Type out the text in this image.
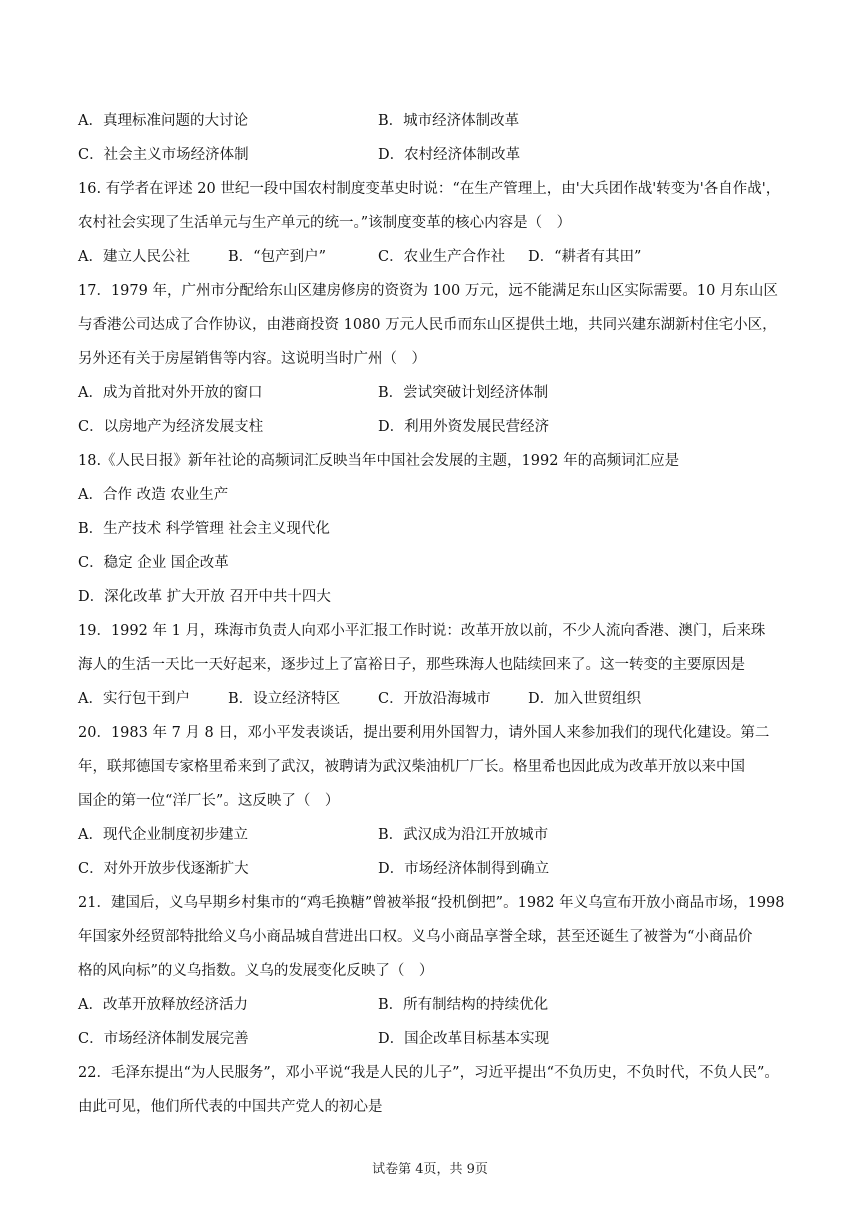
A．真理标准问题的大讨论	B．城市经济体制改革
C．社会主义市场经济体制	D．农村经济体制改革
16. 有学者在评述 20 世纪一段中国农村制度变革史时说：“在生产管理上，由'大兵团作战'转变为'各自作战'，
农村社会实现了生活单元与生产单元的统一。”该制度变革的核心内容是（　）
A．建立人民公社	B．“包产到户”	C．农业生产合作社 D．“耕者有其田”
17．1979 年，广州市分配给东山区建房修房的资资为 100 万元，远不能满足东山区实际需要。10 月东山区
与香港公司达成了合作协议，由港商投资 1080 万元人民币而东山区提供土地，共同兴建东湖新村住宅小区，
另外还有关于房屋销售等内容。这说明当时广州（　）
A．成为首批对外开放的窗口	B．尝试突破计划经济体制
C．以房地产为经济发展支柱	D．利用外资发展民营经济
18.《人民日报》新年社论的高频词汇反映当年中国社会发展的主题，1992 年的高频词汇应是
A．合作 改造 农业生产
B．生产技术 科学管理 社会主义现代化
C．稳定 企业 国企改革
D．深化改革 扩大开放 召开中共十四大
19．1992 年 1 月，珠海市负责人向邓小平汇报工作时说：改革开放以前，不少人流向香港、澳门，后来珠
海人的生活一天比一天好起来，逐步过上了富裕日子，那些珠海人也陆续回来了。这一转变的主要原因是
A．实行包干到户	B．设立经济特区	C．开放沿海城市	D．加入世贸组织
20．1983 年 7 月 8 日，邓小平发表谈话，提出要利用外国智力，请外国人来参加我们的现代化建设。第二
年，联邦德国专家格里希来到了武汉，被聘请为武汉柴油机厂厂长。格里希也因此成为改革开放以来中国
国企的第一位“洋厂长”。这反映了（　）
A．现代企业制度初步建立	B．武汉成为沿江开放城市
C．对外开放步伐逐渐扩大	D．市场经济体制得到确立
21．建国后，义乌早期乡村集市的“鸡毛换糖”曾被举报“投机倒把”。1982 年义乌宣布开放小商品市场，1998
年国家外经贸部特批给义乌小商品城自营进出口权。义乌小商品享誉全球，甚至还诞生了被誉为“小商品价
格的风向标”的义乌指数。义乌的发展变化反映了（　）
A．改革开放释放经济活力	B．所有制结构的持续优化
C．市场经济体制发展完善	D．国企改革目标基本实现
22．毛泽东提出“为人民服务”，邓小平说“我是人民的儿子”，习近平提出“不负历史，不负时代，不负人民”。
由此可见，他们所代表的中国共产党人的初心是
试卷第 4页，共 9页
